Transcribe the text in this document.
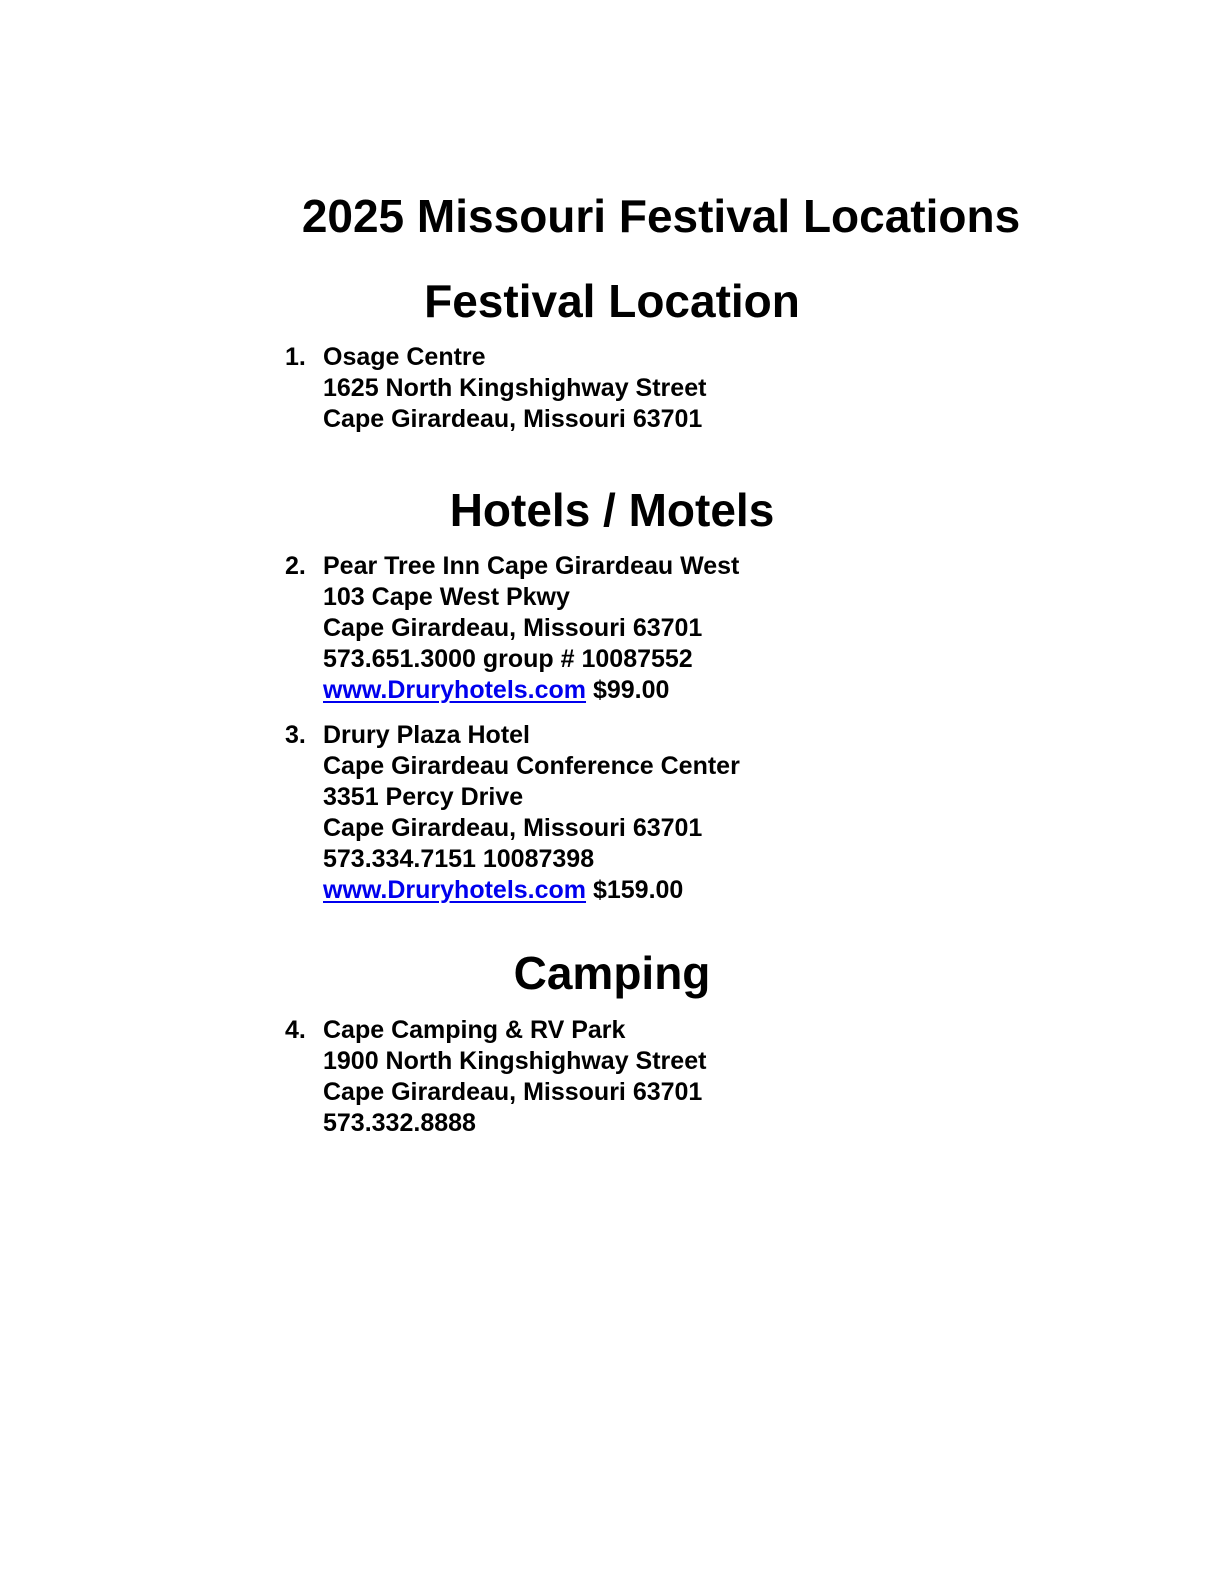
2025 Missouri Festival Locations
Festival Location
1. Osage Centre
1625 North Kingshighway Street
Cape Girardeau, Missouri 63701
Hotels / Motels
2. Pear Tree Inn Cape Girardeau West
103 Cape West Pkwy
Cape Girardeau, Missouri 63701
573.651.3000 group # 10087552
www.Druryhotels.com $99.00
3. Drury Plaza Hotel
Cape Girardeau Conference Center
3351 Percy Drive
Cape Girardeau, Missouri 63701
573.334.7151 10087398
www.Druryhotels.com $159.00
Camping
4. Cape Camping & RV Park
1900 North Kingshighway Street
Cape Girardeau, Missouri 63701
573.332.8888
